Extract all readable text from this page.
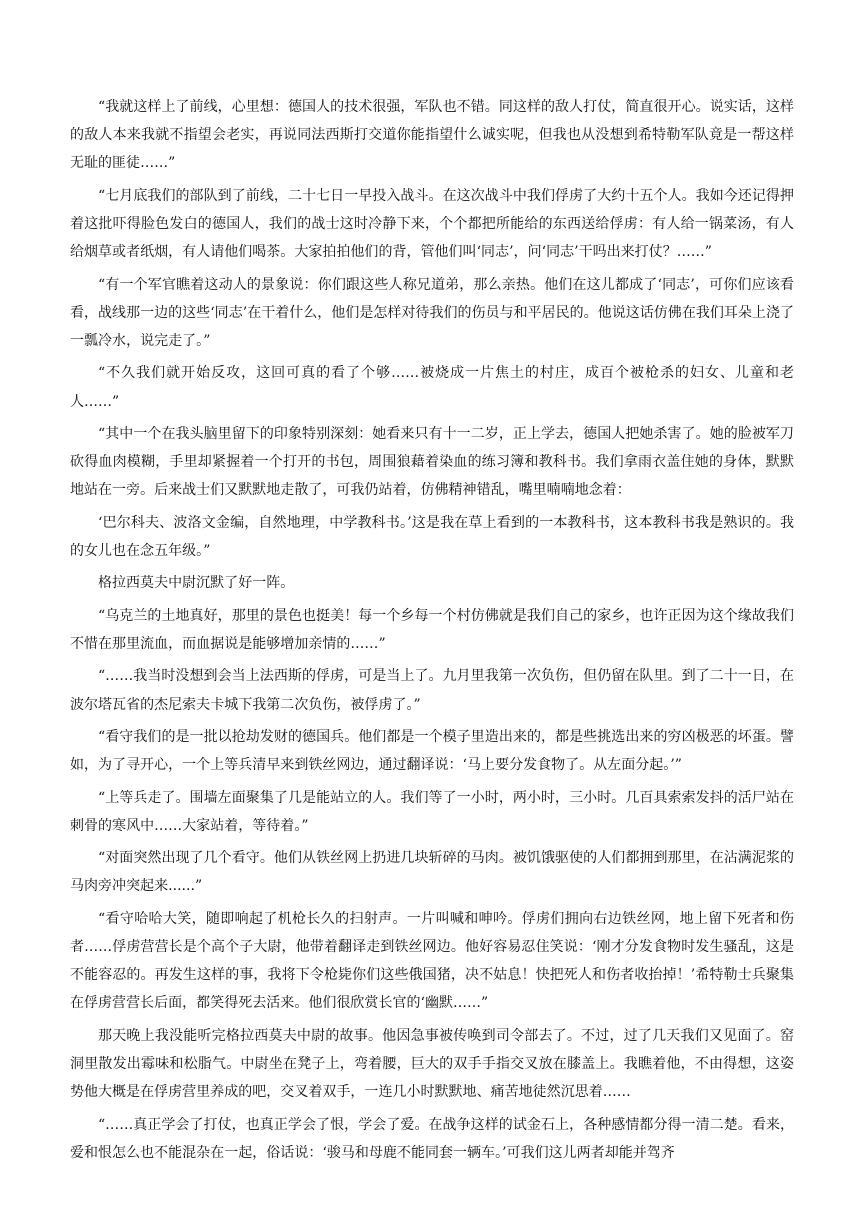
“我就这样上了前线，心里想：德国人的技术很强，军队也不错。同这样的敌人打仗，简直很开心。说实话，这样的敌人本来我就不指望会老实，再说同法西斯打交道你能指望什么诚实呢，但我也从没想到希特勒军队竟是一帮这样无耻的匪徒……”

“七月底我们的部队到了前线，二十七日一早投入战斗。在这次战斗中我们俘虏了大约十五个人。我如今还记得押着这批吓得脸色发白的德国人，我们的战士这时冷静下来，个个都把所能给的东西送给俘虏：有人给一锅菜汤，有人给烟草或者纸烟，有人请他们喝茶。大家拍拍他们的背，管他们叫‘同志’，问‘同志’干吗出来打仗？……”

“有一个军官瞧着这动人的景象说：你们跟这些人称兄道弟，那么亲热。他们在这儿都成了‘同志’，可你们应该看看，战线那一边的这些‘同志’在干着什么，他们是怎样对待我们的伤员与和平居民的。他说这话仿佛在我们耳朵上浇了一瓢冷水，说完走了。”

“不久我们就开始反攻，这回可真的看了个够……被烧成一片焦土的村庄，成百个被枪杀的妇女、儿童和老人……”

“其中一个在我头脑里留下的印象特别深刻：她看来只有十一二岁，正上学去，德国人把她杀害了。她的脸被军刀砍得血肉模糊，手里却紧握着一个打开的书包，周围狼藉着染血的练习簿和教科书。我们拿雨衣盖住她的身体，默默地站在一旁。后来战士们又默默地走散了，可我仍站着，仿佛精神错乱，嘴里喃喃地念着：

‘巴尔科夫、波洛文金编，自然地理，中学教科书。’这是我在草上看到的一本教科书，这本教科书我是熟识的。我的女儿也在念五年级。”

格拉西莫夫中尉沉默了好一阵。

“乌克兰的土地真好，那里的景色也挺美！每一个乡每一个村仿佛就是我们自己的家乡，也许正因为这个缘故我们不惜在那里流血，而血据说是能够增加亲情的……”

“……我当时没想到会当上法西斯的俘虏，可是当上了。九月里我第一次负伤，但仍留在队里。到了二十一日，在波尔塔瓦省的杰尼索夫卡城下我第二次负伤，被俘虏了。”

“看守我们的是一批以抢劫发财的德国兵。他们都是一个模子里造出来的，都是些挑选出来的穷凶极恶的坏蛋。譬如，为了寻开心，一个上等兵清早来到铁丝网边，通过翻译说：‘马上要分发食物了。从左面分起。’”

“上等兵走了。围墙左面聚集了几是能站立的人。我们等了一小时，两小时，三小时。几百具索索发抖的活尸站在刺骨的寒风中……大家站着，等待着。”

“对面突然出现了几个看守。他们从铁丝网上扔进几块斩碎的马肉。被饥饿驱使的人们都拥到那里，在沾满泥浆的马肉旁冲突起来......”

“看守哈哈大笑，随即响起了机枪长久的扫射声。一片叫喊和呻吟。俘虏们拥向右边铁丝网，地上留下死者和伤者……俘虏营营长是个高个子大尉，他带着翻译走到铁丝网边。他好容易忍住笑说：‘刚才分发食物时发生骚乱，这是不能容忍的。再发生这样的事，我将下令枪毙你们这些俄国猪，决不姑息！快把死人和伤者收抬掉！’希特勒士兵聚集在俘虏营营长后面，都笑得死去活来。他们很欣赏长官的‘幽默……”

那天晚上我没能听完格拉西莫夫中尉的故事。他因急事被传唤到司令部去了。不过，过了几天我们又见面了。窑洞里散发出霉味和松脂气。中尉坐在凳子上，弯着腰，巨大的双手手指交叉放在膝盖上。我瞧着他，不由得想，这姿势他大概是在俘虏营里养成的吧，交叉着双手，一连几小时默默地、痛苦地徒然沉思着……

“……真正学会了打仗，也真正学会了恨，学会了爱。在战争这样的试金石上，各种感情都分得一清二楚。看来，爱和恨怎么也不能混杂在一起，俗话说：‘骏马和母鹿不能同套一辆车。’可我们这儿两者却能并驾齐
